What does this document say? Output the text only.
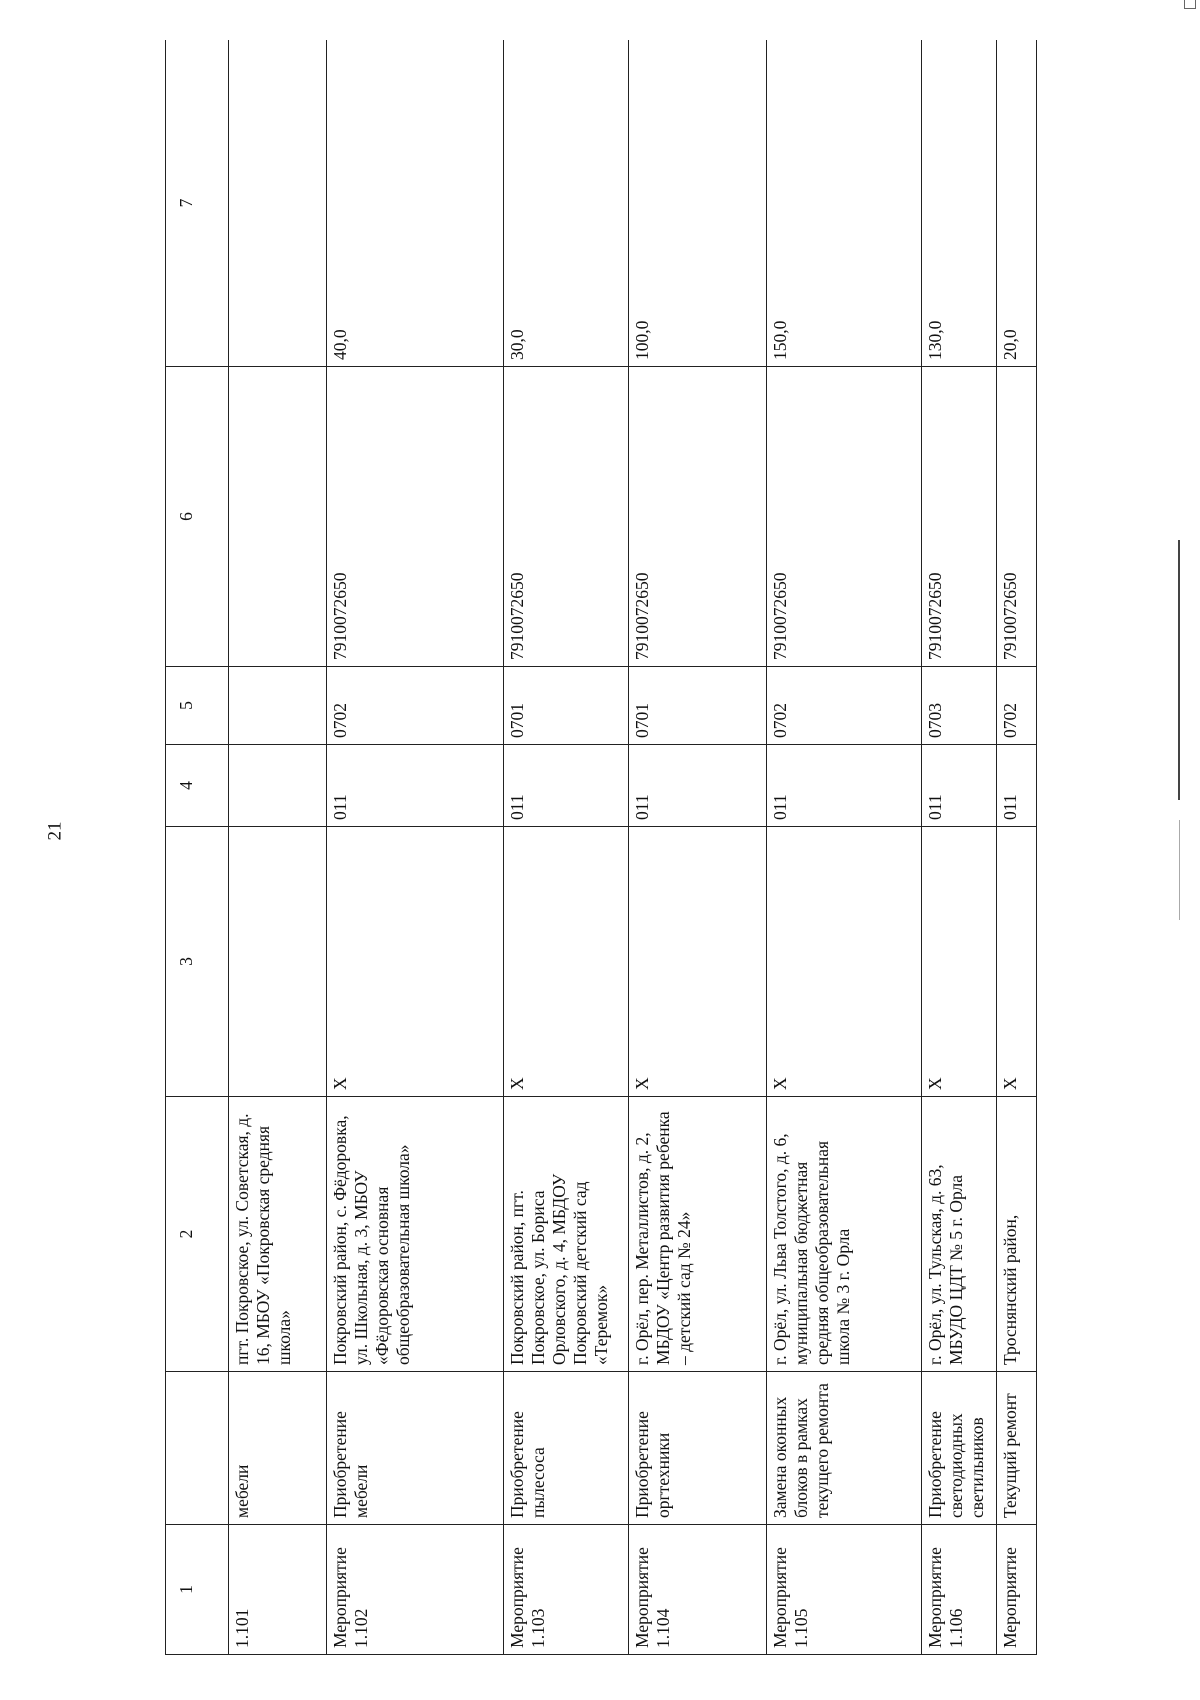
21
1		2	3	4	5	6	7
1.101	мебели	пгт. Покровское, ул. Советская, д. 16, МБОУ «Покровская средняя школа»					
Мероприятие 1.102	Приобретение мебели	Покровский район, с. Фёдоровка, ул. Школьная, д. 3, МБОУ «Фёдоровская основная общеобразовательная школа»	X	011	0702	7910072650	40,0
Мероприятие 1.103	Приобретение пылесоса	Покровский район, пгт. Покровское, ул. Бориса Орловского, д. 4, МБДОУ Покровский детский сад «Теремок»	X	011	0701	7910072650	30,0
Мероприятие 1.104	Приобретение оргтехники	г. Орёл, пер. Металлистов, д. 2, МБДОУ «Центр развития ребенка – детский сад № 24»	X	011	0701	7910072650	100,0
Мероприятие 1.105	Замена оконных блоков в рамках текущего ремонта	г. Орёл, ул. Льва Толстого, д. 6, муниципальная бюджетная средняя общеобразовательная школа № 3 г. Орла	X	011	0702	7910072650	150,0
Мероприятие 1.106	Приобретение светодиодных светильников	г. Орёл, ул. Тульская, д. 63, МБУДО ЦДТ № 5 г. Орла	X	011	0703	7910072650	130,0
Мероприятие	Текущий ремонт	Троснянский район,	X	011	0702	7910072650	20,0
